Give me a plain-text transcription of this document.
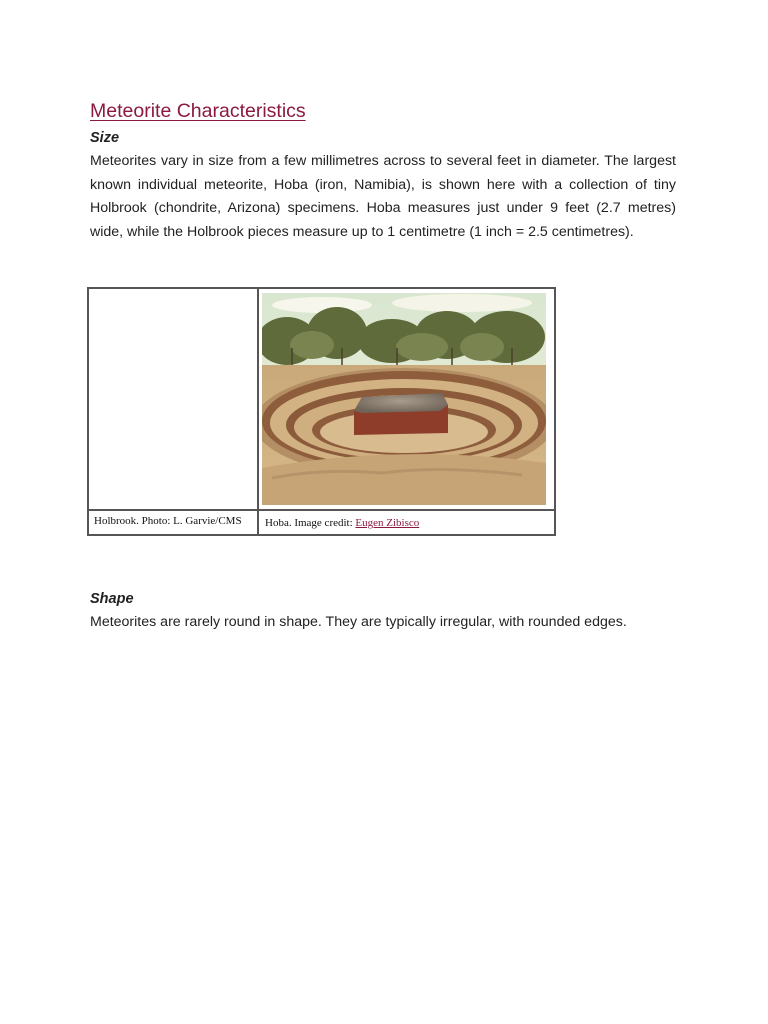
Meteorite Characteristics
Size
Meteorites vary in size from a few millimetres across to several feet in diameter. The largest known individual meteorite, Hoba (iron, Namibia), is shown here with a collection of tiny Holbrook (chondrite, Arizona) specimens. Hoba measures just under 9 feet (2.7 metres) wide, while the Holbrook pieces measure up to 1 centimetre (1 inch = 2.5 centimetres).
Holbrook. Photo: L. Garvie/CMS Hoba. Image credit: Eugen Zibisco
Shape
Meteorites are rarely round in shape. They are typically irregular, with rounded edges.
